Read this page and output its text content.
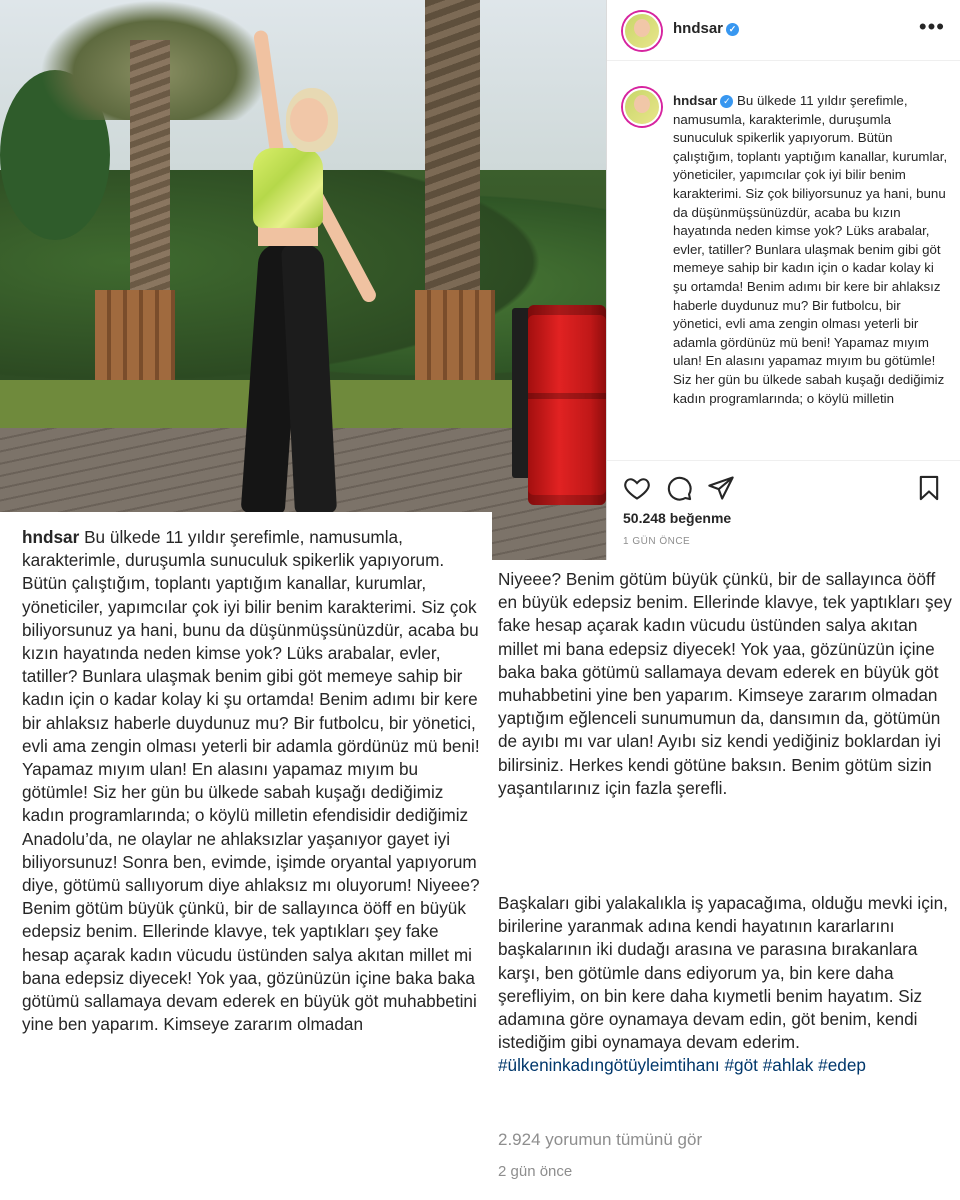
hndsar ✓	•••
hndsar ✓ Bu ülkede 11 yıldır şerefimle, namusumla, karakterimle, duruşumla sunuculuk spikerlik yapıyorum. Bütün çalıştığım, toplantı yaptığım kanallar, kurumlar, yöneticiler, yapımcılar çok iyi bilir benim karakterimi. Siz çok biliyorsunuz ya hani, bunu da düşünmüşsünüzdür, acaba bu kızın hayatında neden kimse yok? Lüks arabalar, evler, tatiller? Bunlara ulaşmak benim gibi göt memeye sahip bir kadın için o kadar kolay ki şu ortamda! Benim adımı bir kere bir ahlaksız haberle duydunuz mu? Bir futbolcu, bir yönetici, evli ama zengin olması yeterli bir adamla gördünüz mü beni! Yapamaz mıyım ulan! En alasını yapamaz mıyım bu götümle! Siz her gün bu ülkede sabah kuşağı dediğimiz kadın programlarında; o köylü milletin
50.248 beğenme
1 GÜN ÖNCE
hndsar Bu ülkede 11 yıldır şerefimle, namusumla, karakterimle, duruşumla sunuculuk spikerlik yapıyorum. Bütün çalıştığım, toplantı yaptığım kanallar, kurumlar, yöneticiler, yapımcılar çok iyi bilir benim karakterimi. Siz çok biliyorsunuz ya hani, bunu da düşünmüşsünüzdür, acaba bu kızın hayatında neden kimse yok? Lüks arabalar, evler, tatiller? Bunlara ulaşmak benim gibi göt memeye sahip bir kadın için o kadar kolay ki şu ortamda! Benim adımı bir kere bir ahlaksız haberle duydunuz mu? Bir futbolcu, bir yönetici, evli ama zengin olması yeterli bir adamla gördünüz mü beni! Yapamaz mıyım ulan! En alasını yapamaz mıyım bu götümle! Siz her gün bu ülkede sabah kuşağı dediğimiz kadın programlarında; o köylü milletin efendisidir dediğimiz Anadolu’da, ne olaylar ne ahlaksızlar yaşanıyor gayet iyi biliyorsunuz! Sonra ben, evimde, işimde oryantal yapıyorum diye, götümü sallıyorum diye ahlaksız mı oluyorum! Niyeee? Benim götüm büyük çünkü, bir de sallayınca ööff en büyük edepsiz benim. Ellerinde klavye, tek yaptıkları şey fake hesap açarak kadın vücudu üstünden salya akıtan millet mi bana edepsiz diyecek! Yok yaa, gözünüzün içine baka baka götümü sallamaya devam ederek en büyük göt muhabbetini yine ben yaparım. Kimseye zararım olmadan
Niyeee? Benim götüm büyük çünkü, bir de sallayınca ööff en büyük edepsiz benim. Ellerinde klavye, tek yaptıkları şey fake hesap açarak kadın vücudu üstünden salya akıtan millet mi bana edepsiz diyecek! Yok yaa, gözünüzün içine baka baka götümü sallamaya devam ederek en büyük göt muhabbetini yine ben yaparım. Kimseye zararım olmadan yaptığım eğlenceli sunumumun da, dansımın da, götümün de ayıbı mı var ulan! Ayıbı siz kendi yediğiniz boklardan iyi bilirsiniz. Herkes kendi götüne baksın. Benim götüm sizin yaşantılarınız için fazla şerefli.
Başkaları gibi yalakalıkla iş yapacağıma, olduğu mevki için, birilerine yaranmak adına kendi hayatının kararlarını başkalarının iki dudağı arasına ve parasına bırakanlara karşı, ben götümle dans ediyorum ya, bin kere daha şerefliyim, on bin kere daha kıymetli benim hayatım. Siz adamına göre oynamaya devam edin, göt benim, kendi istediğim gibi oynamaya devam ederim. #ülkeninkadıngötüyleimtihanı #göt #ahlak #edep
2.924 yorumun tümünü gör
2 gün önce
